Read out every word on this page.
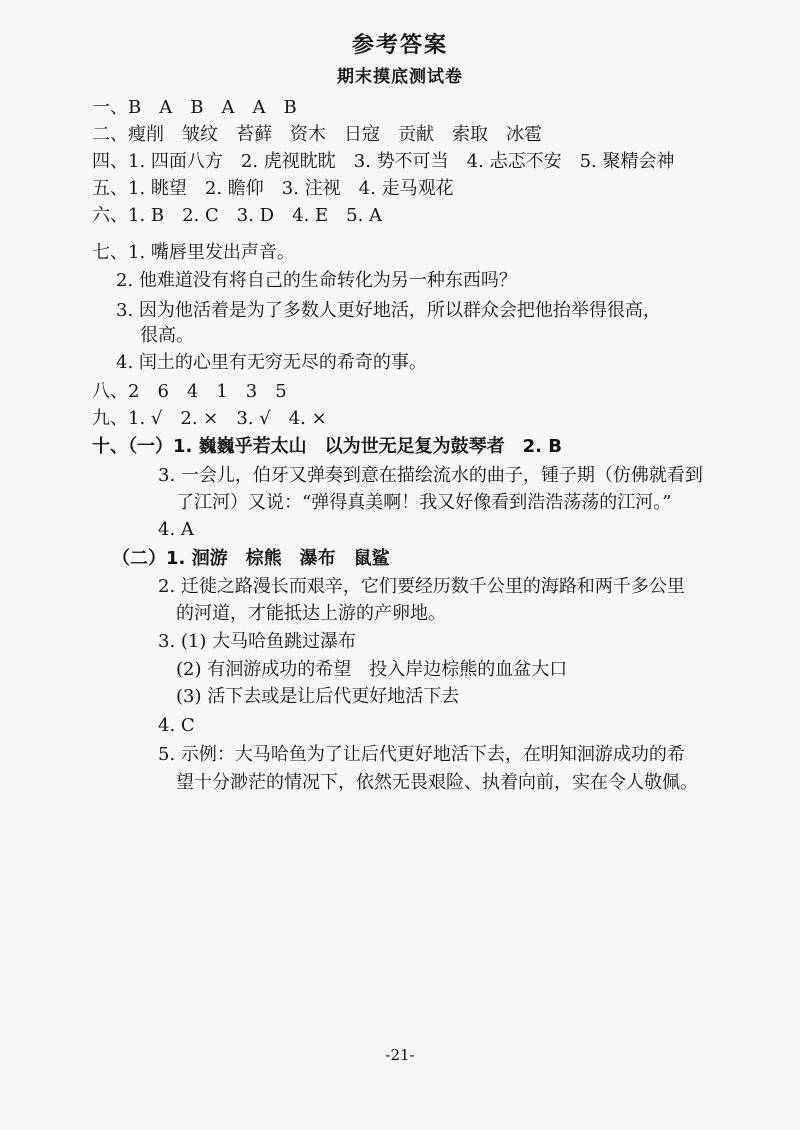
参考答案
期末摸底测试卷
一、B　A　B　A　A　B
二、瘦削　皱纹　苔藓　资木　日寇　贡献　索取　冰雹
四、1. 四面八方　2. 虎视眈眈　3. 势不可当　4. 忐忑不安　5. 聚精会神
五、1. 眺望　2. 瞻仰　3. 注视　4. 走马观花
六、1. B　2. C　3. D　4. E　5. A
七、1. 嘴唇里发出声音。
2. 他难道没有将自己的生命转化为另一种东西吗？
3. 因为他活着是为了多数人更好地活，所以群众会把他抬举得很高，
很高。
4. 闰土的心里有无穷无尽的希奇的事。
八、2　6　4　1　3　5
九、1. √　2. ×　3. √　4. ×
十、（一）1. 巍巍乎若太山　以为世无足复为鼓琴者　2. B
3. 一会儿，伯牙又弹奏到意在描绘流水的曲子，锺子期（仿佛就看到
了江河）又说：“弹得真美啊！我又好像看到浩浩荡荡的江河。”
4. A
（二）1. 洄游　棕熊　瀑布　鼠鲨
2. 迁徙之路漫长而艰辛，它们要经历数千公里的海路和两千多公里
的河道，才能抵达上游的产卵地。
3. (1) 大马哈鱼跳过瀑布
(2) 有洄游成功的希望　投入岸边棕熊的血盆大口
(3) 活下去或是让后代更好地活下去
4. C
5. 示例：大马哈鱼为了让后代更好地活下去，在明知洄游成功的希
望十分渺茫的情况下，依然无畏艰险、执着向前，实在令人敬佩。
-21-
